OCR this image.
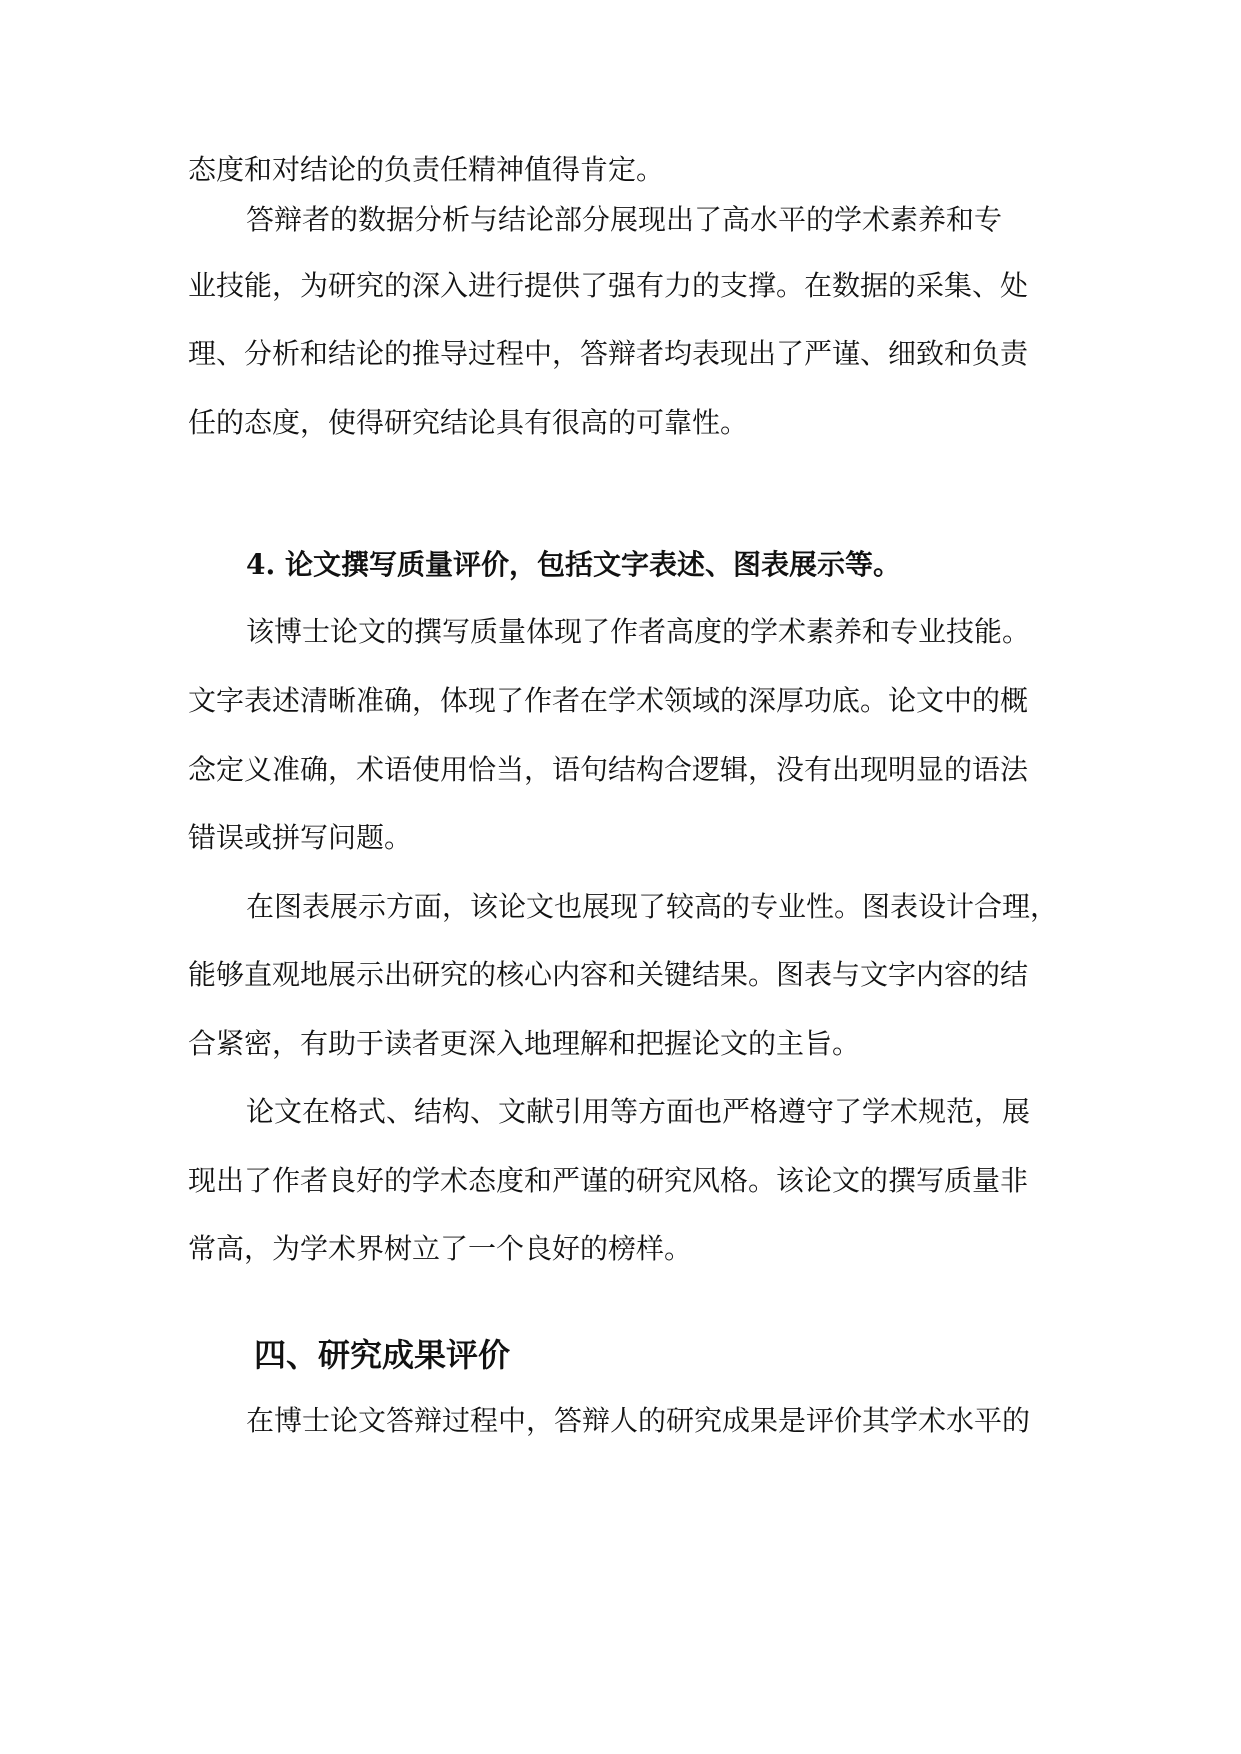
态度和对结论的负责任精神值得肯定。
答辩者的数据分析与结论部分展现出了高水平的学术素养和专
业技能，为研究的深入进行提供了强有力的支撑。在数据的采集、处
理、分析和结论的推导过程中，答辩者均表现出了严谨、细致和负责
任的态度，使得研究结论具有很高的可靠性。
4. 论文撰写质量评价，包括文字表述、图表展示等。
该博士论文的撰写质量体现了作者高度的学术素养和专业技能。
文字表述清晰准确，体现了作者在学术领域的深厚功底。论文中的概
念定义准确，术语使用恰当，语句结构合逻辑，没有出现明显的语法
错误或拼写问题。
在图表展示方面，该论文也展现了较高的专业性。图表设计合理，
能够直观地展示出研究的核心内容和关键结果。图表与文字内容的结
合紧密，有助于读者更深入地理解和把握论文的主旨。
论文在格式、结构、文献引用等方面也严格遵守了学术规范，展
现出了作者良好的学术态度和严谨的研究风格。该论文的撰写质量非
常高，为学术界树立了一个良好的榜样。
四、研究成果评价
在博士论文答辩过程中，答辩人的研究成果是评价其学术水平的
